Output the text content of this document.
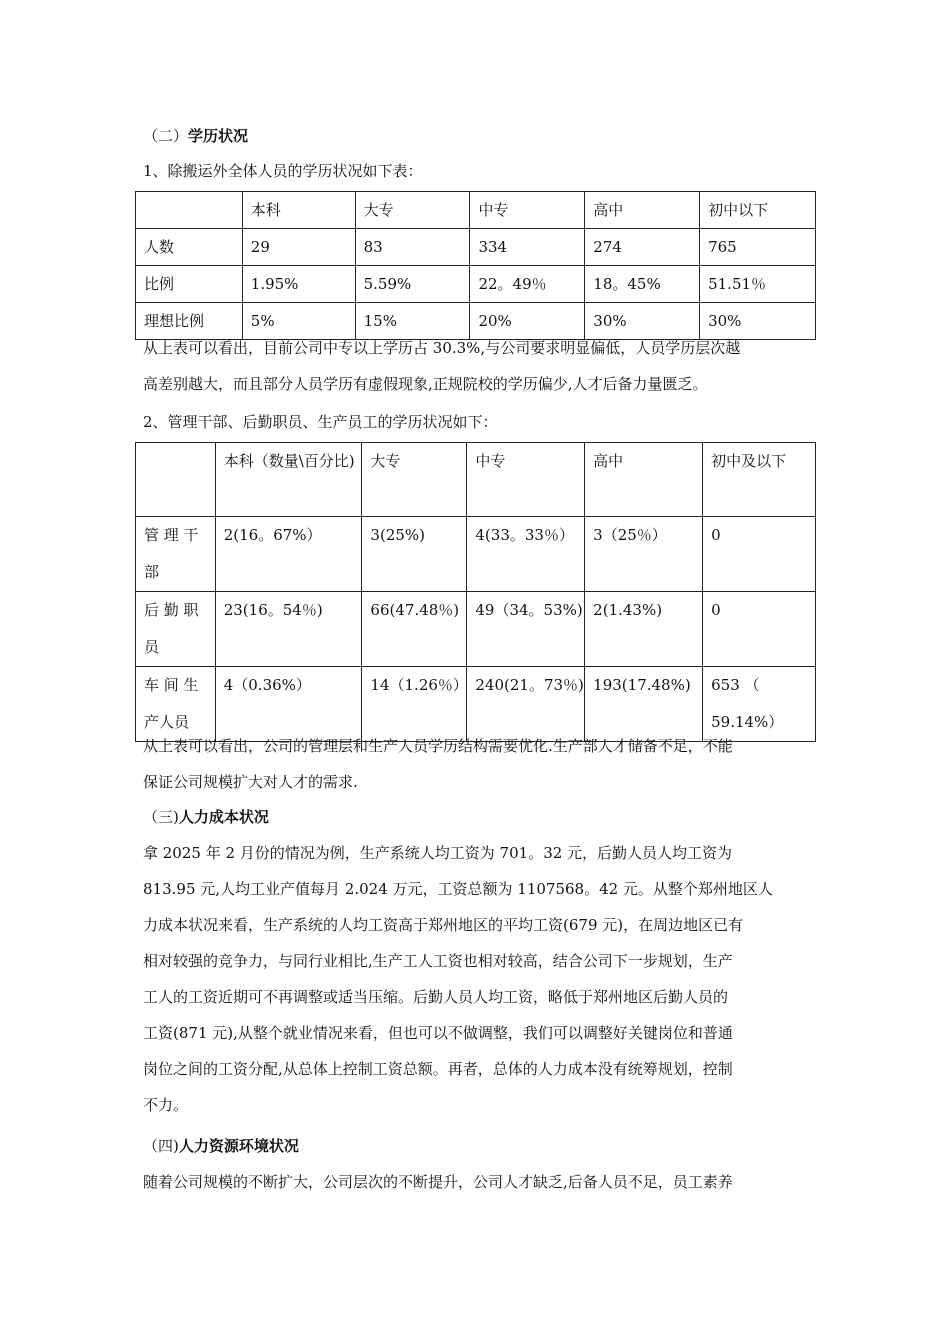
（二）学历状况
1、除搬运外全体人员的学历状况如下表：
	本科	大专	中专	高中	初中以下
人数	29	83	334	274	765
比例	1.95%	5.59%	22。49％	18。45%	51.51％
理想比例	5%	15%	20%	30%	30%
从上表可以看出，目前公司中专以上学历占 30.3%,与公司要求明显偏低，人员学历层次越
高差别越大，而且部分人员学历有虚假现象,正规院校的学历偏少,人才后备力量匮乏。
2、管理干部、后勤职员、生产员工的学历状况如下：
	本科（数量\百分比)	大专	中专	高中	初中及以下
管 理 干 部	2(16。67%）	3(25%)	4(33。33％）	3（25％）	0
后 勤 职 员	23(16。54％)	66(47.48％)	49（34。53%)	2(1.43%)	0
车 间 生 产人员	4（0.36%）	14（1.26％）	240(21。73％)	193(17.48%)	653 （ 59.14%）
从上表可以看出，公司的管理层和生产人员学历结构需要优化.生产部人才储备不足，不能
保证公司规模扩大对人才的需求.
（三)人力成本状况
拿 2025 年 2 月份的情况为例，生产系统人均工资为 701。32 元，后勤人员人均工资为
813.95 元,人均工业产值每月 2.024 万元，工资总额为 1107568。42 元。从整个郑州地区人
力成本状况来看，生产系统的人均工资高于郑州地区的平均工资(679 元)，在周边地区已有
相对较强的竞争力，与同行业相比,生产工人工资也相对较高，结合公司下一步规划，生产
工人的工资近期可不再调整或适当压缩。后勤人员人均工资，略低于郑州地区后勤人员的
工资(871 元),从整个就业情况来看，但也可以不做调整，我们可以调整好关键岗位和普通
岗位之间的工资分配,从总体上控制工资总额。再者，总体的人力成本没有统筹规划，控制
不力。
（四)人力资源环境状况
随着公司规模的不断扩大，公司层次的不断提升，公司人才缺乏,后备人员不足，员工素养
